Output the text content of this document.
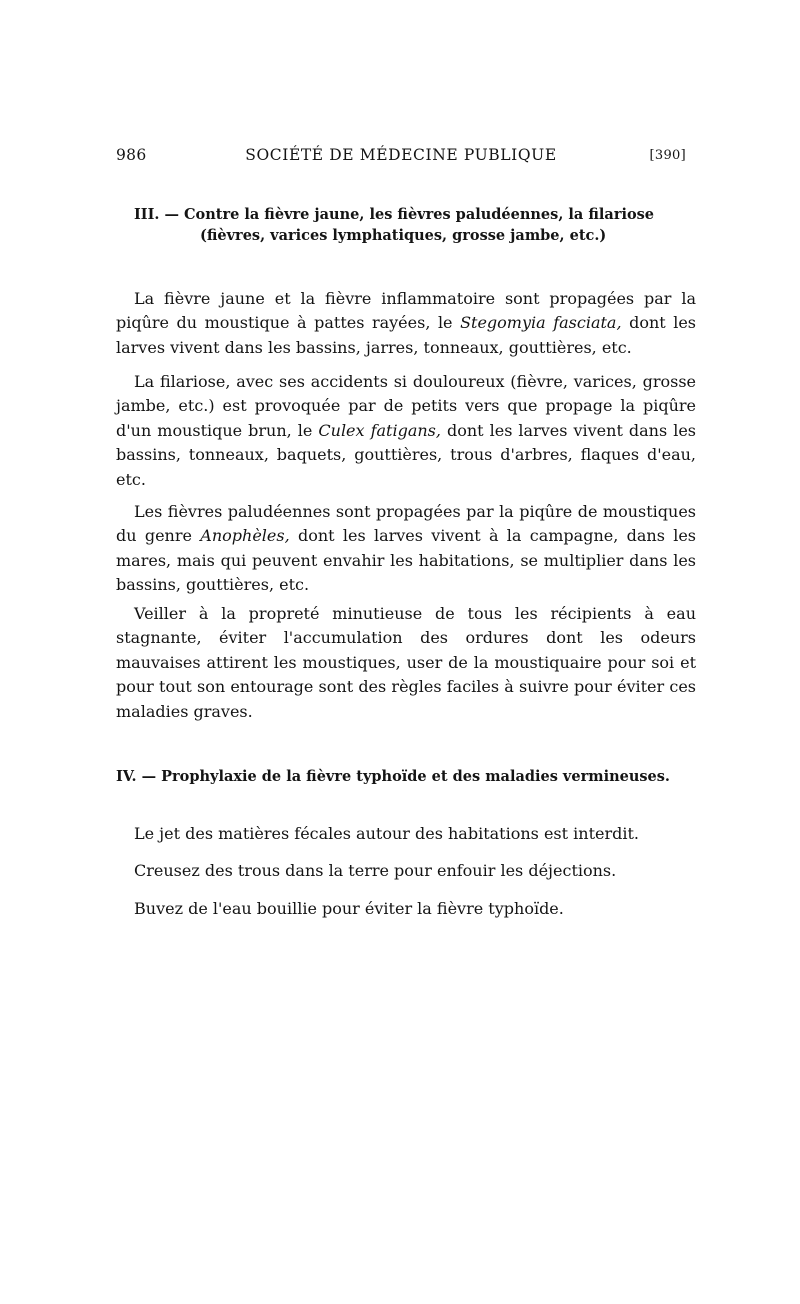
986	SOCIÉTÉ DE MÉDECINE PUBLIQUE	[390]
III. — Contre la fièvre jaune, les fièvres paludéennes, la filariose
(fièvres, varices lymphatiques, grosse jambe, etc.)

La fièvre jaune et la fièvre inflammatoire sont propagées par la piqûre du moustique à pattes rayées, le Stegomyia fasciata, dont les larves vivent dans les bassins, jarres, tonneaux, gouttières, etc.

La filariose, avec ses accidents si douloureux (fièvre, varices, grosse jambe, etc.) est provoquée par de petits vers que propage la piqûre d'un moustique brun, le Culex fatigans, dont les larves vivent dans les bassins, tonneaux, baquets, gouttières, trous d'arbres, flaques d'eau, etc.

Les fièvres paludéennes sont propagées par la piqûre de moustiques du genre Anophèles, dont les larves vivent à la campagne, dans les mares, mais qui peuvent envahir les habitations, se multiplier dans les bassins, gouttières, etc.

Veiller à la propreté minutieuse de tous les récipients à eau stagnante, éviter l'accumulation des ordures dont les odeurs mauvaises attirent les moustiques, user de la moustiquaire pour soi et pour tout son entourage sont des règles faciles à suivre pour éviter ces maladies graves.

IV. — Prophylaxie de la fièvre typhoïde et des maladies vermineuses.

Le jet des matières fécales autour des habitations est interdit.

Creusez des trous dans la terre pour enfouir les déjections.

Buvez de l'eau bouillie pour éviter la fièvre typhoïde.
